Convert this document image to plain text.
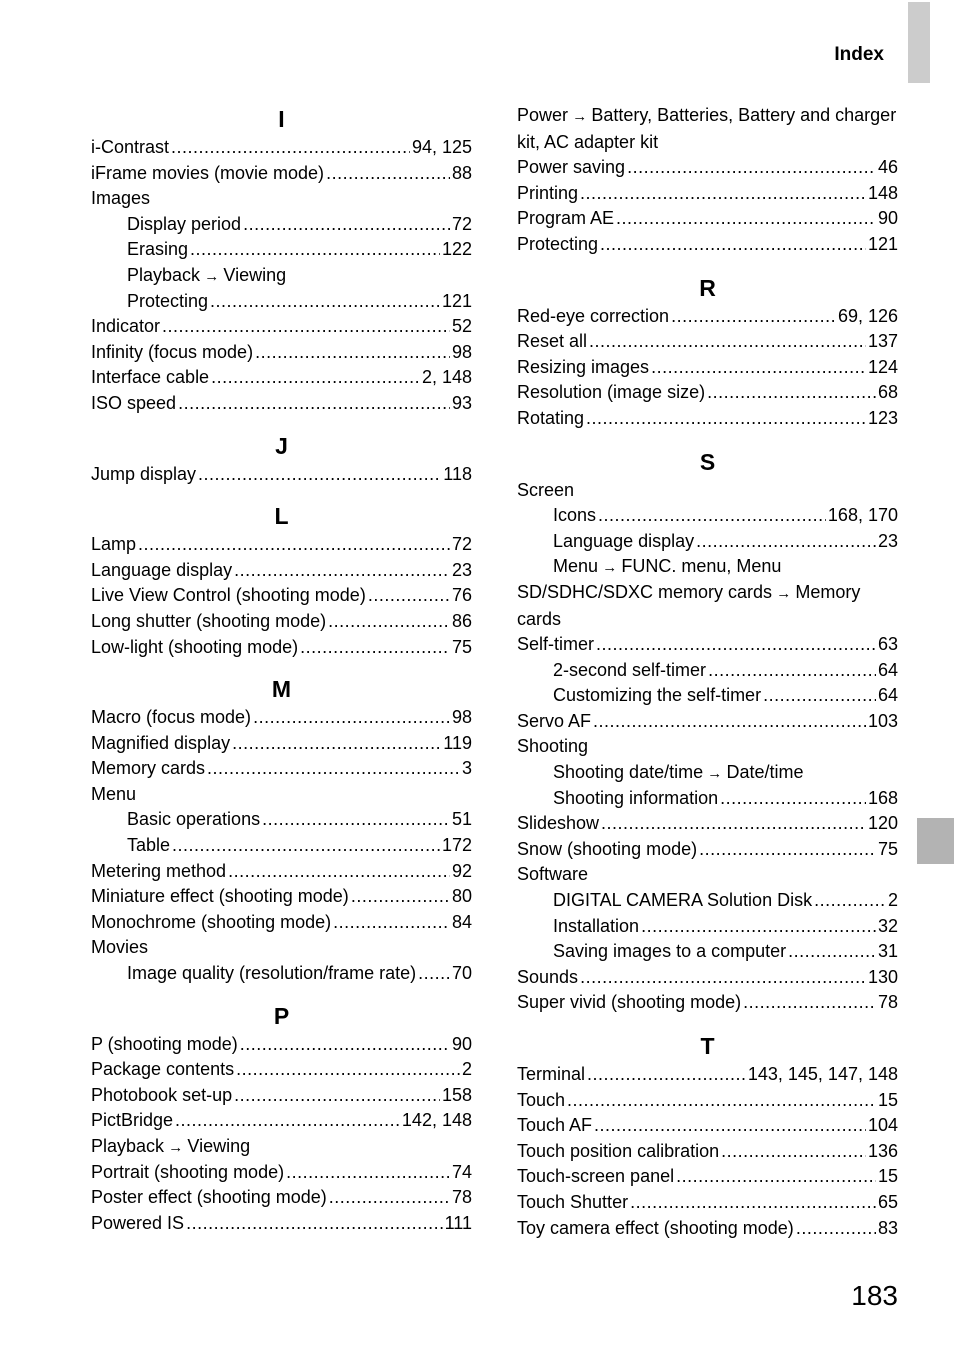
Index
I
i-Contrast .....	94, 125
iFrame movies (movie mode) .....	88
Images
Display period .....	72
Erasing .....	122
Playback → Viewing
Protecting .....	121
Indicator .....	52
Infinity (focus mode) .....	98
Interface cable .....	2, 148
ISO speed .....	93
J
Jump display .....	118
L
Lamp .....	72
Language display .....	23
Live View Control (shooting mode) .....	76
Long shutter (shooting mode) .....	86
Low-light (shooting mode) .....	75
M
Macro (focus mode) .....	98
Magnified display .....	119
Memory cards .....	3
Menu
Basic operations .....	51
Table .....	172
Metering method .....	92
Miniature effect (shooting mode) .....	80
Monochrome (shooting mode) .....	84
Movies
Image quality (resolution/frame rate) ..... 70
P
P (shooting mode) .....	90
Package contents .....	2
Photobook set-up .....	158
PictBridge .....	142, 148
Playback → Viewing
Portrait (shooting mode) .....	74
Poster effect (shooting mode) .....	78
Powered IS .....	111
Power → Battery, Batteries, Battery and charger kit, AC adapter kit
Power saving .....	46
Printing .....	148
Program AE .....	90
Protecting .....	121
R
Red-eye correction .....	69, 126
Reset all .....	137
Resizing images .....	124
Resolution (image size) .....	68
Rotating .....	123
S
Screen
Icons .....	168, 170
Language display .....	23
Menu → FUNC. menu, Menu
SD/SDHC/SDXC memory cards → Memory cards
Self-timer .....	63
2-second self-timer .....	64
Customizing the self-timer .....	64
Servo AF .....	103
Shooting
Shooting date/time → Date/time
Shooting information .....	168
Slideshow .....	120
Snow (shooting mode) .....	75
Software
DIGITAL CAMERA Solution Disk .....	2
Installation .....	32
Saving images to a computer .....	31
Sounds .....	130
Super vivid (shooting mode) .....	78
T
Terminal .....	143, 145, 147, 148
Touch .....	15
Touch AF .....	104
Touch position calibration .....	136
Touch-screen panel .....	15
Touch Shutter .....	65
Toy camera effect (shooting mode) .....	83
183
